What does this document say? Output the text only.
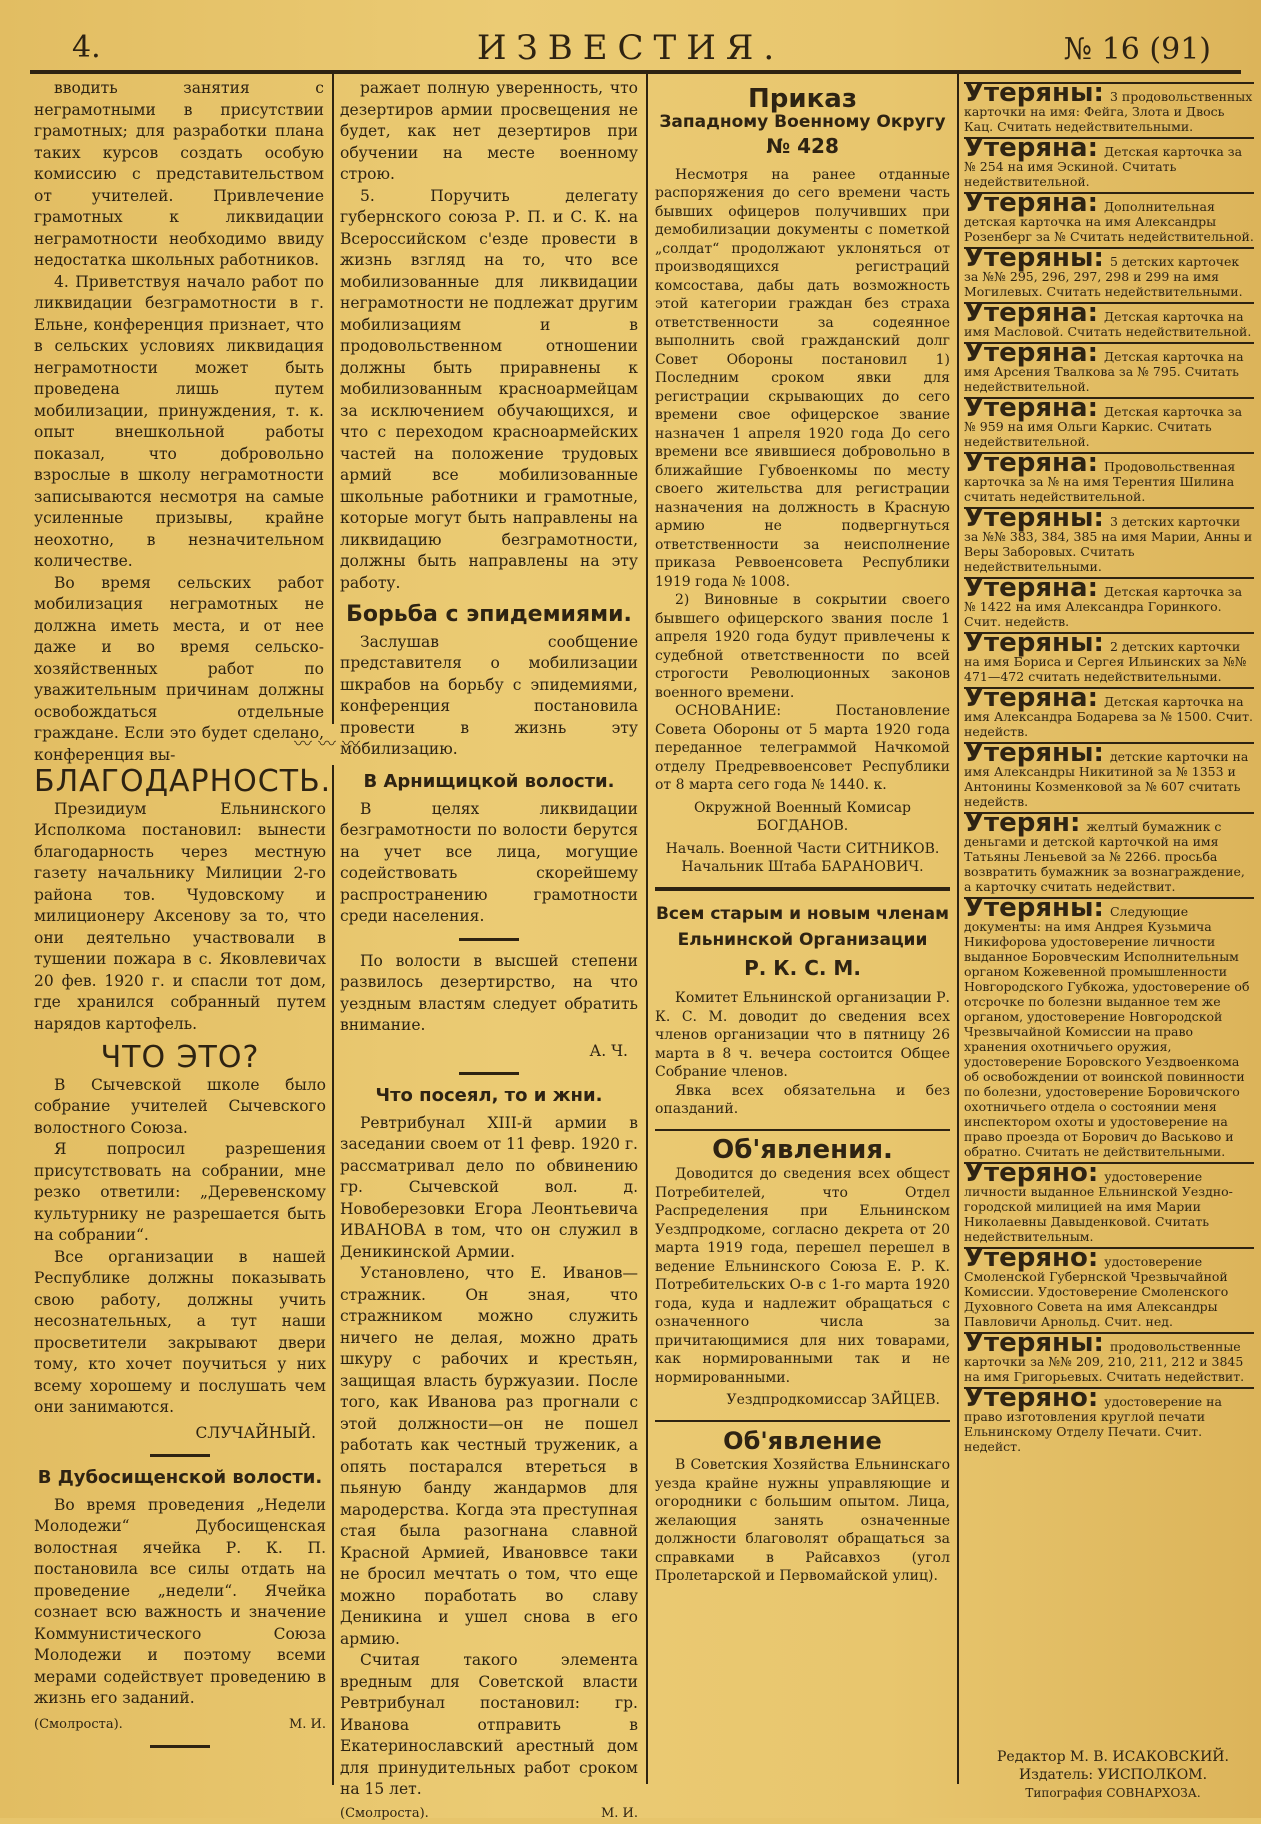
4.	ИЗВЕСТИЯ.	№ 16 (91)

вводить занятия с неграмотными в присутствии грамотных; для разработки плана таких курсов создать особую комиссию с представительством от учителей. Привлечение грамотных к ликвидации неграмотности необходимо ввиду недостатка школьных работников.

4. Приветствуя начало работ по ликвидации безграмотности в г. Ельне, конференция признает, что в сельских условиях ликвидация неграмотности может быть проведена лишь путем мобилизации, принуждения, т. к. опыт внешкольной работы показал, что добровольно взрослые в школу неграмотности записываются несмотря на самые усиленные призывы, крайне неохотно, в незначительном количестве.

Во время сельских работ мобилизация неграмотных не должна иметь места, и от нее даже и во время сельско-хозяйственных работ по уважительным причинам должны освобождаться отдельные граждане. Если это будет сделано, конференция вы-

ражает полную уверенность, что дезертиров армии просвещения не будет, как нет дезертиров при обучении на месте военному строю.

5. Поручить делегату губернского союза Р. П. и С. К. на Всероссийском с'езде провести в жизнь взгляд на то, что все мобилизованные для ликвидации неграмотности не подлежат другим мобилизациям и в продовольственном отношении должны быть приравнены к мобилизованным красноармейцам за исключением обучающихся, и что с переходом красноармейских частей на положение трудовых армий все мобилизованные школьные работники и грамотные, которые могут быть направлены на ликвидацию безграмотности, должны быть направлены на эту работу.

Борьба с эпидемиями.

Заслушав сообщение представителя о мобилизации шкрабов на борьбу с эпидемиями, конференция постановила провести в жизнь эту мобилизацию.

〰〰〰
БЛАГОДАРНОСТЬ.

Президиум Ельнинского Исполкома постановил: вынести благодарность через местную газету начальнику Милиции 2-го района тов. Чудовскому и милиционеру Аксенову за то, что они деятельно участвовали в тушении пожара в с. Яковлевичах 20 фев. 1920 г. и спасли тот дом, где хранился собранный путем нарядов картофель.

ЧТО ЭТО?

В Сычевской школе было собрание учителей Сычевского волостного Союза.

Я попросил разрешения присутствовать на собрании, мне резко ответили: „Деревенскому культурнику не разрешается быть на собрании“.

Все организации в нашей Республике должны показывать свою работу, должны учить несознательных, а тут наши просветители закрывают двери тому, кто хочет поучиться у них всему хорошему и послушать чем они занимаются.

СЛУЧАЙНЫЙ.
В Дубосищенской волости.

Во время проведения „Недели Молодежи“ Дубосищенская волостная ячейка Р. К. П. постановила все силы отдать на проведение „недели“. Ячейка сознает всю важность и значение Коммунистического Союза Молодежи и поэтому всеми мерами содействует проведению в жизнь его заданий.

(Смолроста).	М. И.
В Арнищицкой волости.

В целях ликвидации безграмотности по волости берутся на учет все лица, могущие содействовать скорейшему распространению грамотности среди населения.

По волости в высшей степени развилось дезертирство, на что уездным властям следует обратить внимание.

А. Ч.
Что посеял, то и жни.

Ревтрибунал XIII-й армии в заседании своем от 11 февр. 1920 г. рассматривал дело по обвинению гр. Сычевской вол. д. Новоберезовки Егора Леонтьевича ИВАНОВА в том, что он служил в Деникинской Армии.

Установлено, что Е. Иванов—стражник. Он зная, что стражником можно служить ничего не делая, можно драть шкуру с рабочих и крестьян, защищая власть буржуазии. После того, как Иванова раз прогнали с этой должности—он не пошел работать как честный труженик, а опять постарался втереться в пьяную банду жандармов для мародерства. Когда эта преступная стая была разогнана славной Красной Армией, Ивановвсе таки не бросил мечтать о том, что еще можно поработать во славу Деникина и ушел снова в его армию.

Считая такого элемента вредным для Советской власти Ревтрибунал постановил: гр. Иванова отправить в Екатеринославский арестный дом для принудительных работ сроком на 15 лет.

(Смолроста).	М. И.
Приказ
Западному Военному Округу
№ 428

Несмотря на ранее отданные распоряжения до сего времени часть бывших офицеров получивших при демобилизации документы с пометкой „солдат“ продолжают уклоняться от производящихся регистраций комсоставa, дабы дать возможность этой категории граждан без страха ответственности за содеянное выполнить свой гражданский долг Совет Обороны постановил 1) Последним сроком явки для регистрации скрывающих до сего времени свое офицерское звание назначен 1 апреля 1920 года До сего времени все явившиеся добровольно в ближайшие Губвоенкомы по месту своего жительства для регистрации назначения на должность в Красную армию не подвергнуться ответственности за неисполнение приказа Реввоенсовета Республики 1919 года № 1008.

2) Виновные в сокрытии своего бывшего офицерского звания после 1 апреля 1920 года будут привлечены к судебной ответственности по всей строгости Революционных законов военного времени.

ОСНОВАНИЕ: Постановление Совета Обороны от 5 марта 1920 года переданное телеграммой Начкомой отделу Предреввоенсовет Республики от 8 марта сего года № 1440. к.

Окружной Военный Комисар БОГДАНОВ.
Началь. Военной Части СИТНИКОВ.
Начальник Штаба БАРАНОВИЧ.
Всем старым и новым членам Ельнинской Организации
Р. К. С. М.

Комитет Ельнинской организации Р. К. С. М. доводит до сведения всех членов организации что в пятницу 26 марта в 8 ч. вечера состоится Общее Собрание членов.

Явка всех обязательна и без опазданий.

Об'явления.

Доводится до сведения всех общест Потребителей, что Отдел Распределения при Ельнинском Уездпродкоме, согласно декрета от 20 марта 1919 года, перешел перешел в ведение Ельнинского Союза Е. Р. К. Потребительских О-в с 1-го марта 1920 года, куда и надлежит обращаться с означенного числа за причитающимися для них товарами, как нормированными так и не нормированными.

Уездпродкомиссар ЗАЙЦЕВ.
Об'явление

В Советския Хозяйства Ельнинскаго уезда крайне нужны управляющие и огородники с большим опытом. Лица, желающия занять означенные должности благоволят обращаться за справками в Райсавхоз (угол Пролетарской и Первомайской улиц).

Утеряны: 3 продовольственных карточки на имя: Фейга, Злота и Двось Кац. Считать недействительными.
Утеряна: Детская карточка за № 254 на имя Эскиной. Считать недействительной.
Утеряна: Дополнительная детская карточка на имя Александры Розенберг за № Считать недействительной.
Утеряны: 5 детских карточек за №№ 295, 296, 297, 298 и 299 на имя Могилевых. Считать недействительными.
Утеряна: Детская карточка на имя Масловой. Считать недействительной.
Утеряна: Детская карточка на имя Арсения Твалкова за № 795. Считать недействительной.
Утеряна: Детская карточка за № 959 на имя Ольги Каркис. Считать недействительной.
Утеряна: Продовольственная карточка за № на имя Терентия Шилина считать недействительной.
Утеряны: 3 детских карточки за №№ 383, 384, 385 на имя Марии, Анны и Веры Заборовых. Считать недействительными.
Утеряна: Детская карточка за № 1422 на имя Александра Горинкого. Счит. недейств.
Утеряны: 2 детских карточки на имя Бориса и Сергея Ильинских за №№ 471—472 считать недействительными.
Утеряна: Детская карточка на имя Александра Бодарева за № 1500. Счит. недейств.
Утеряны: детские карточки на имя Александры Никитиной за № 1353 и Антонины Козменковой за № 607 считать недейств.
Утерян: желтый бумажник с деньгами и детской карточкой на имя Татьяны Леньевой за № 2266. просьба возвратить бумажник за вознаграждение, а карточку считать недействит.
Утеряны: Следующие документы: на имя Андрея Кузьмича Никифорова удостоверение личности выданное Боровческим Исполнительным органом Кожевенной промышленности Новгородского Губкожа, удостоверение об отсрочке по болезни выданное тем же органом, удостоверение Новгородской Чрезвычайной Комиссии на право хранения охотничьего оружия, удостоверение Боровского Уездвоенкома об освобождении от воинской повинности по болезни, удостоверение Боровичского охотничьего отдела о состоянии меня инспектором охоты и удостоверение на право проезда от Борович до Васьково и обратно. Считать не действительными.
Утеряно: удостоверение личности выданное Ельнинской Уездно-городской милицией на имя Марии Николаевны Давыденковой. Считать недействительным.
Утеряно: удостоверение Смоленской Губернской Чрезвычайной Комиссии. Удостоверение Смоленского Духовного Совета на имя Александры Павловичи Арнольд. Счит. нед.
Утеряны: продовольственные карточки за №№ 209, 210, 211, 212 и 3845 на имя Григорьевых. Считать недействит.
Утеряно: удостоверение на право изготовления круглой печати Ельнинскому Отделу Печати. Счит. недейст.
Редактор М. В. ИСАКОВСКИЙ.
Издатель: УИСПОЛКОМ.
Типография СОВНАРХОЗА.
